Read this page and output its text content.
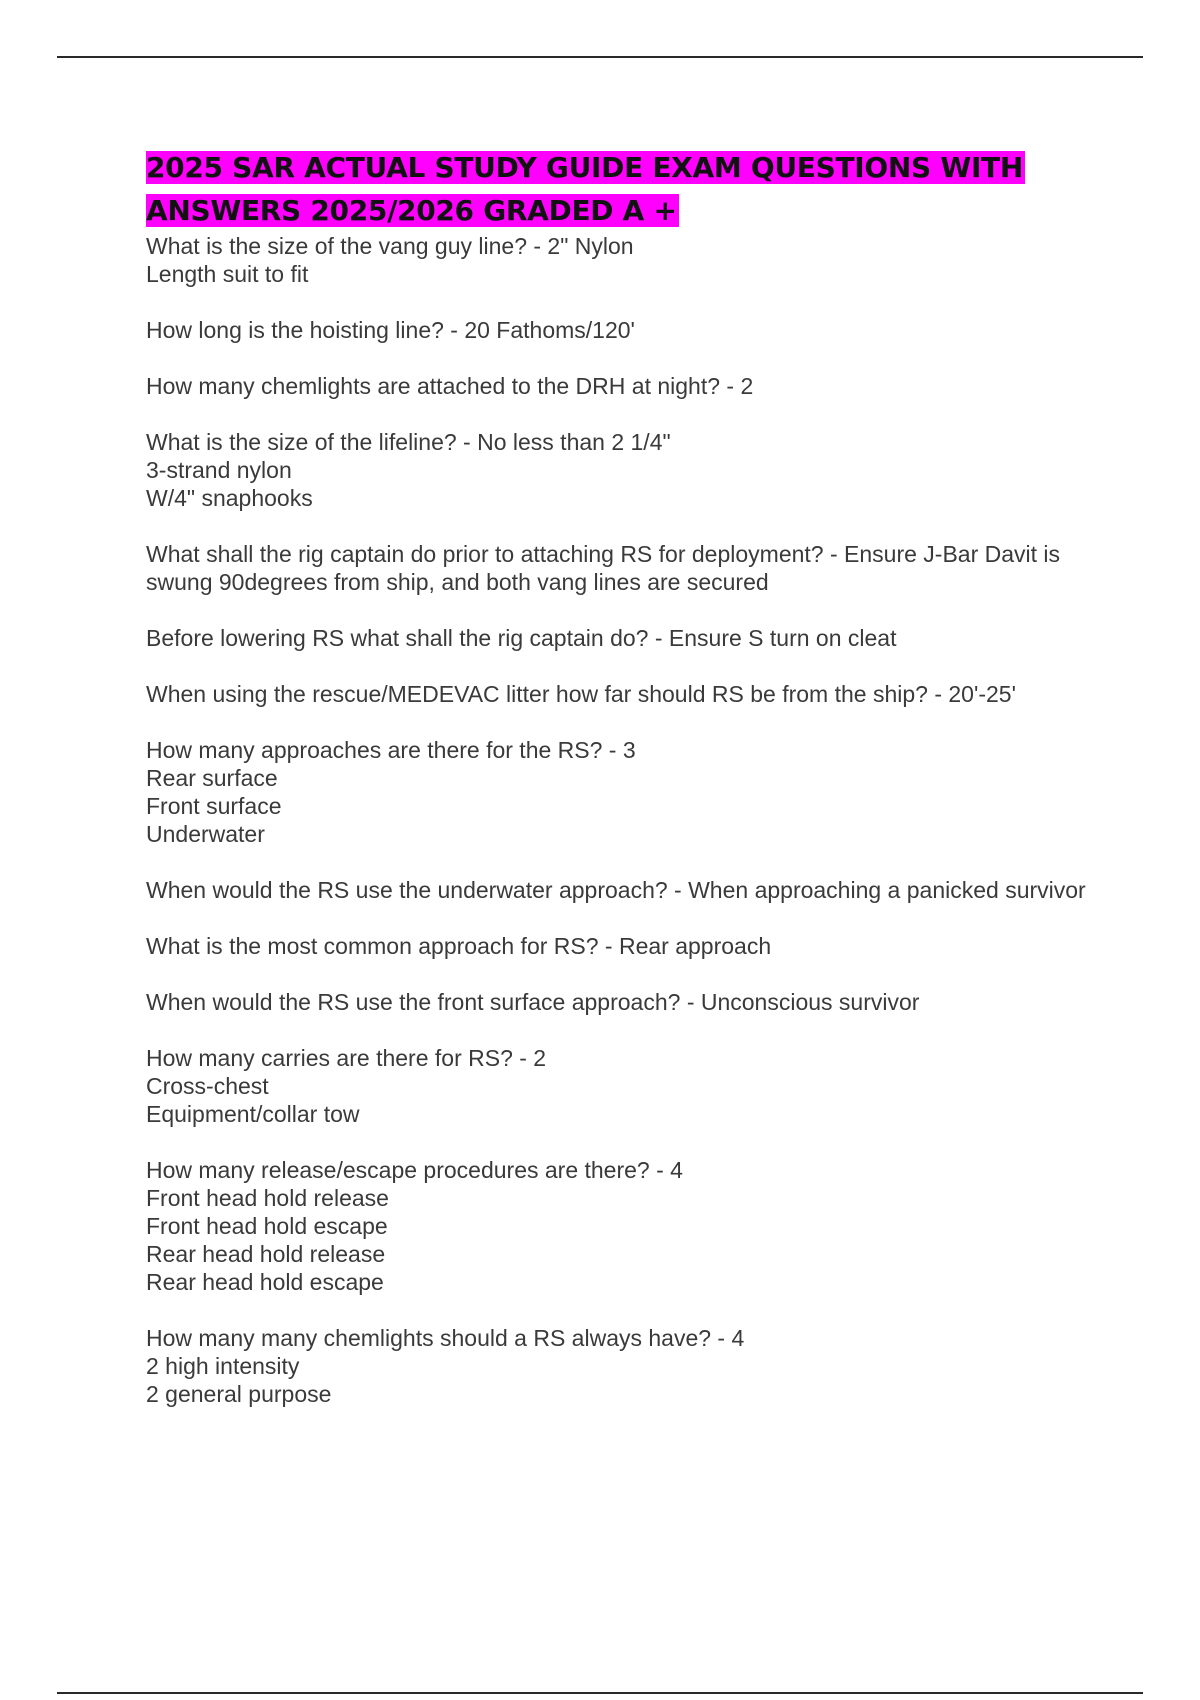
2025 SAR ACTUAL STUDY GUIDE EXAM QUESTIONS WITH ANSWERS 2025/2026 GRADED A +
What is the size of the vang guy line? - 2" Nylon
Length suit to fit
How long is the hoisting line? - 20 Fathoms/120'
How many chemlights are attached to the DRH at night? - 2
What is the size of the lifeline? - No less than 2 1/4"
3-strand nylon
W/4" snaphooks
What shall the rig captain do prior to attaching RS for deployment? - Ensure J-Bar Davit is swung 90degrees from ship, and both vang lines are secured
Before lowering RS what shall the rig captain do? - Ensure S turn on cleat
When using the rescue/MEDEVAC litter how far should RS be from the ship? - 20'-25'
How many approaches are there for the RS? - 3
Rear surface
Front surface
Underwater
When would the RS use the underwater approach? - When approaching a panicked survivor
What is the most common approach for RS? - Rear approach
When would the RS use the front surface approach? - Unconscious survivor
How many carries are there for RS? - 2
Cross-chest
Equipment/collar tow
How many release/escape procedures are there? - 4
Front head hold release
Front head hold escape
Rear head hold release
Rear head hold escape
How many many chemlights should a RS always have? - 4
2 high intensity
2 general purpose
